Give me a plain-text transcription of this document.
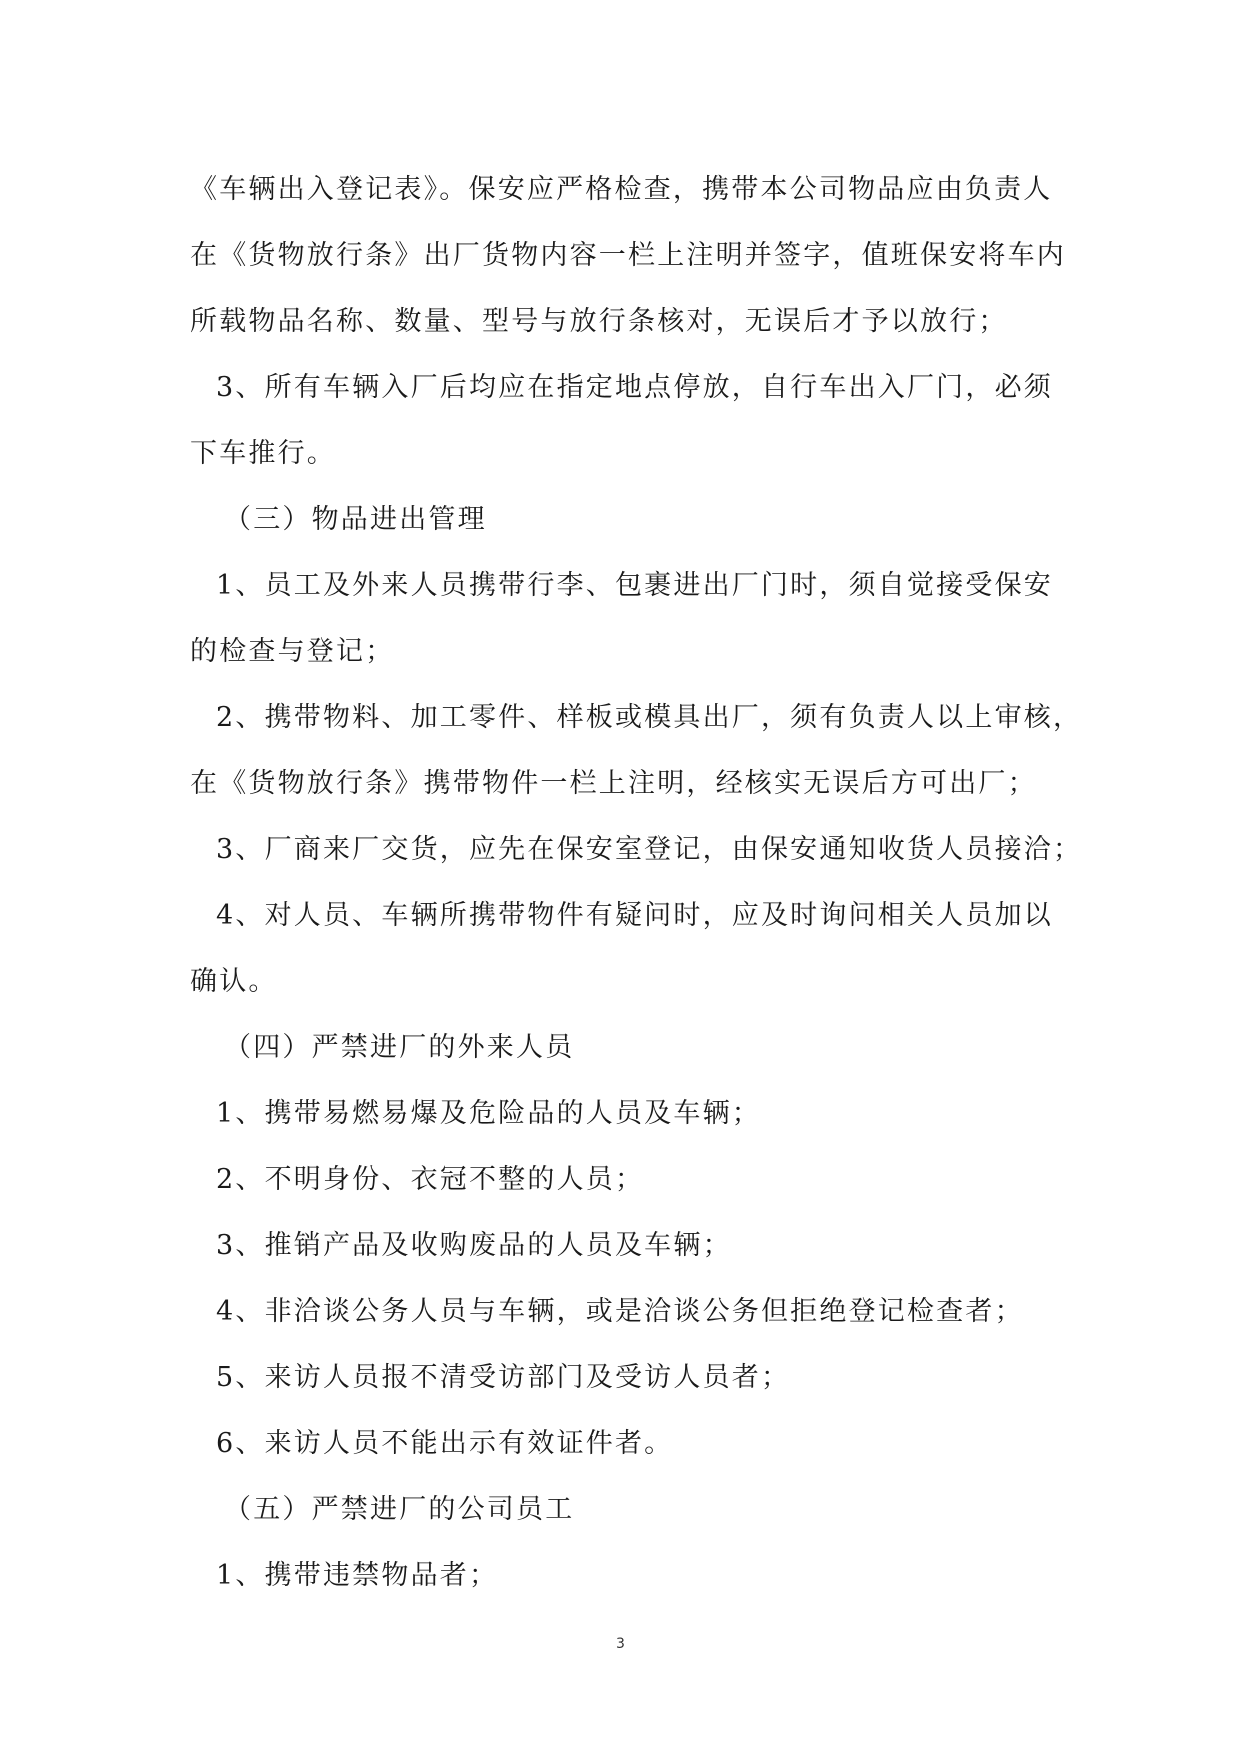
《车辆出入登记表》。保安应严格检查，携带本公司物品应由负责人
在《货物放行条》出厂货物内容一栏上注明并签字，值班保安将车内
所载物品名称、数量、型号与放行条核对，无误后才予以放行；
3、所有车辆入厂后均应在指定地点停放，自行车出入厂门，必须
下车推行。
（三）物品进出管理
1、员工及外来人员携带行李、包裹进出厂门时，须自觉接受保安
的检查与登记；
2、携带物料、加工零件、样板或模具出厂，须有负责人以上审核，
在《货物放行条》携带物件一栏上注明，经核实无误后方可出厂；
3、厂商来厂交货，应先在保安室登记，由保安通知收货人员接洽；
4、对人员、车辆所携带物件有疑问时，应及时询问相关人员加以
确认。
（四）严禁进厂的外来人员
1、携带易燃易爆及危险品的人员及车辆；
2、不明身份、衣冠不整的人员；
3、推销产品及收购废品的人员及车辆；
4、非洽谈公务人员与车辆，或是洽谈公务但拒绝登记检查者；
5、来访人员报不清受访部门及受访人员者；
6、来访人员不能出示有效证件者。
（五）严禁进厂的公司员工
1、携带违禁物品者；
3
